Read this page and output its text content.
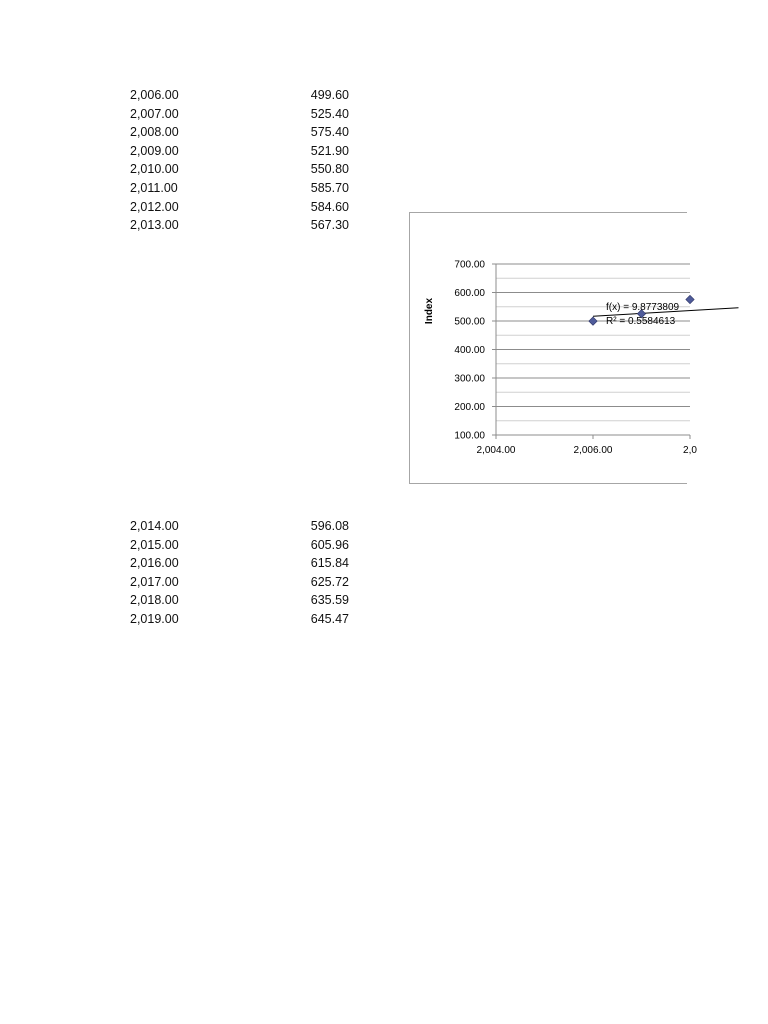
2,006.00	499.60
2,007.00	525.40
2,008.00	575.40
2,009.00	521.90
2,010.00	550.80
2,011.00	585.70
2,012.00	584.60
2,013.00	567.30
100.00
200.00
300.00
400.00
500.00
600.00
700.00
2,004.00	2,006.00	2,0
Index	f(x) = 9.8773809
R² = 0.5584613
2,014.00	596.08
2,015.00	605.96
2,016.00	615.84
2,017.00	625.72
2,018.00	635.59
2,019.00	645.47
